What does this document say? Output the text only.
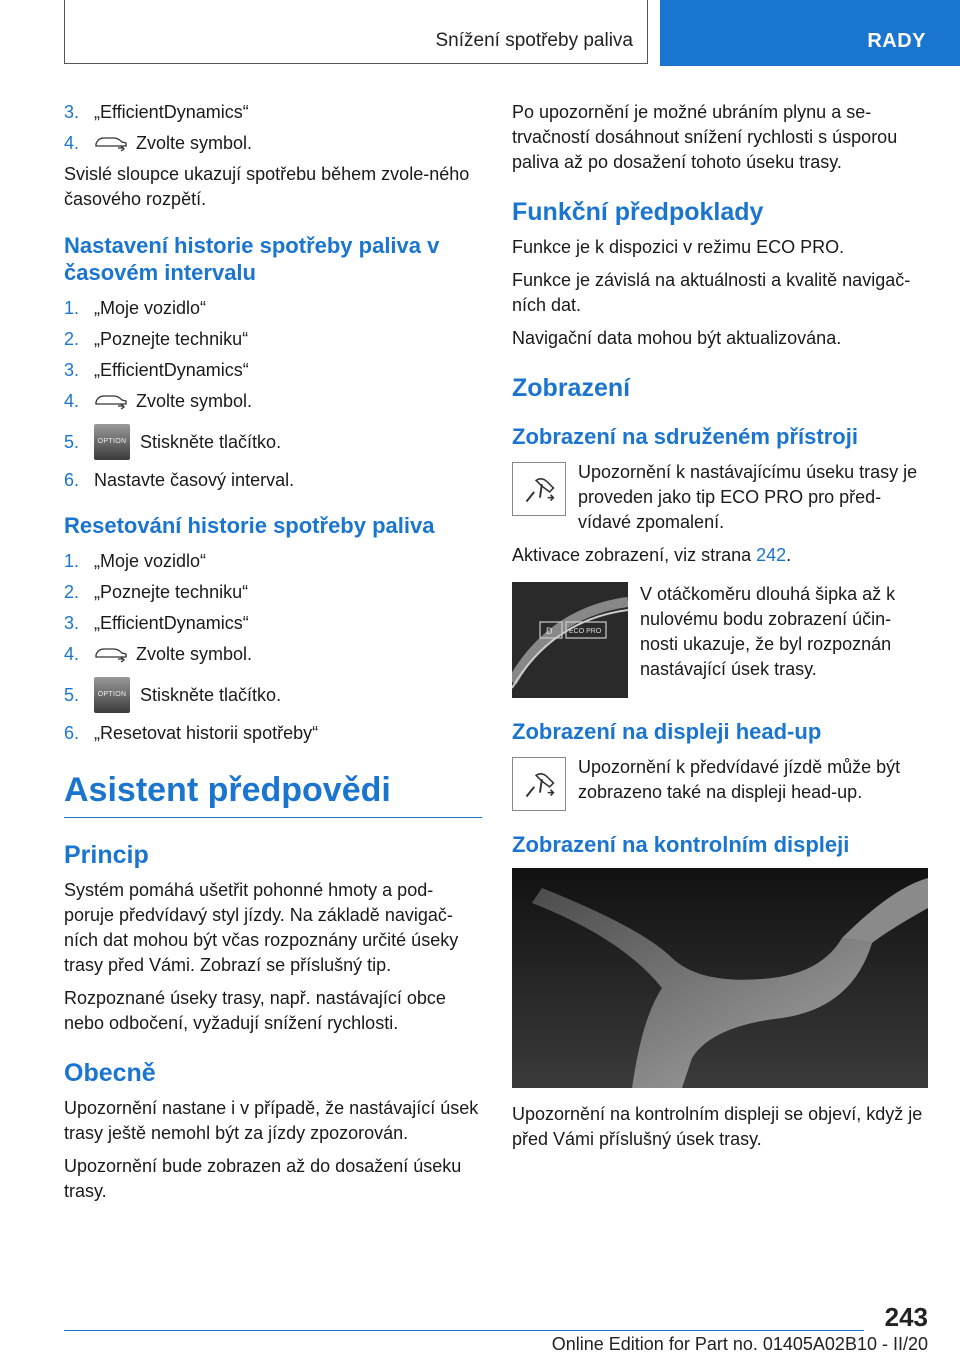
Snížení spotřeby paliva	RADY
3. „EfficientDynamics“
4.	Zvolte symbol.

Svislé sloupce ukazují spotřebu během zvole-ného časového rozpětí.

Nastavení historie spotřeby paliva v časovém intervalu
1. „Moje vozidlo“
2. „Poznejte techniku“
3. „EfficientDynamics“
4.	Zvolte symbol.
5.	OPTION Stiskněte tlačítko.
6. Nastavte časový interval.
Resetování historie spotřeby paliva
1. „Moje vozidlo“
2. „Poznejte techniku“
3. „EfficientDynamics“
4.	Zvolte symbol.
5.	OPTION Stiskněte tlačítko.
6. „Resetovat historii spotřeby“
Asistent předpovědi
Princip

Systém pomáhá ušetřit pohonné hmoty a pod-poruje předvídavý styl jízdy. Na základě navigač-ních dat mohou být včas rozpoznány určité úseky trasy před Vámi. Zobrazí se příslušný tip.

Rozpoznané úseky trasy, např. nastávající obce nebo odbočení, vyžadují snížení rychlosti.

Obecně

Upozornění nastane i v případě, že nastávající úsek trasy ještě nemohl být za jízdy zpozorován.

Upozornění bude zobrazen až do dosažení úseku trasy.

Po upozornění je možné ubráním plynu a se-trvačností dosáhnout snížení rychlosti s úsporou paliva až po dosažení tohoto úseku trasy.

Funkční předpoklady

Funkce je k dispozici v režimu ECO PRO.

Funkce je závislá na aktuálnosti a kvalitě navigač-ních dat.

Navigační data mohou být aktualizována.

Zobrazení
Zobrazení na sdruženém přístroji

Upozornění k nastávajícímu úseku trasy je proveden jako tip ECO PRO pro před-vídavé zpomalení.

Aktivace zobrazení, viz strana 242.

D ECO PRO

V otáčkoměru dlouhá šipka až k nulovému bodu zobrazení účin-nosti ukazuje, že byl rozpoznán nastávající úsek trasy.

Zobrazení na displeji head-up

Upozornění k předvídavé jízdě může být zobrazeno také na displeji head-up.

Zobrazení na kontrolním displeji

Upozornění na kontrolním displeji se objeví, když je před Vámi příslušný úsek trasy.

243
Online Edition for Part no. 01405A02B10 - II/20
